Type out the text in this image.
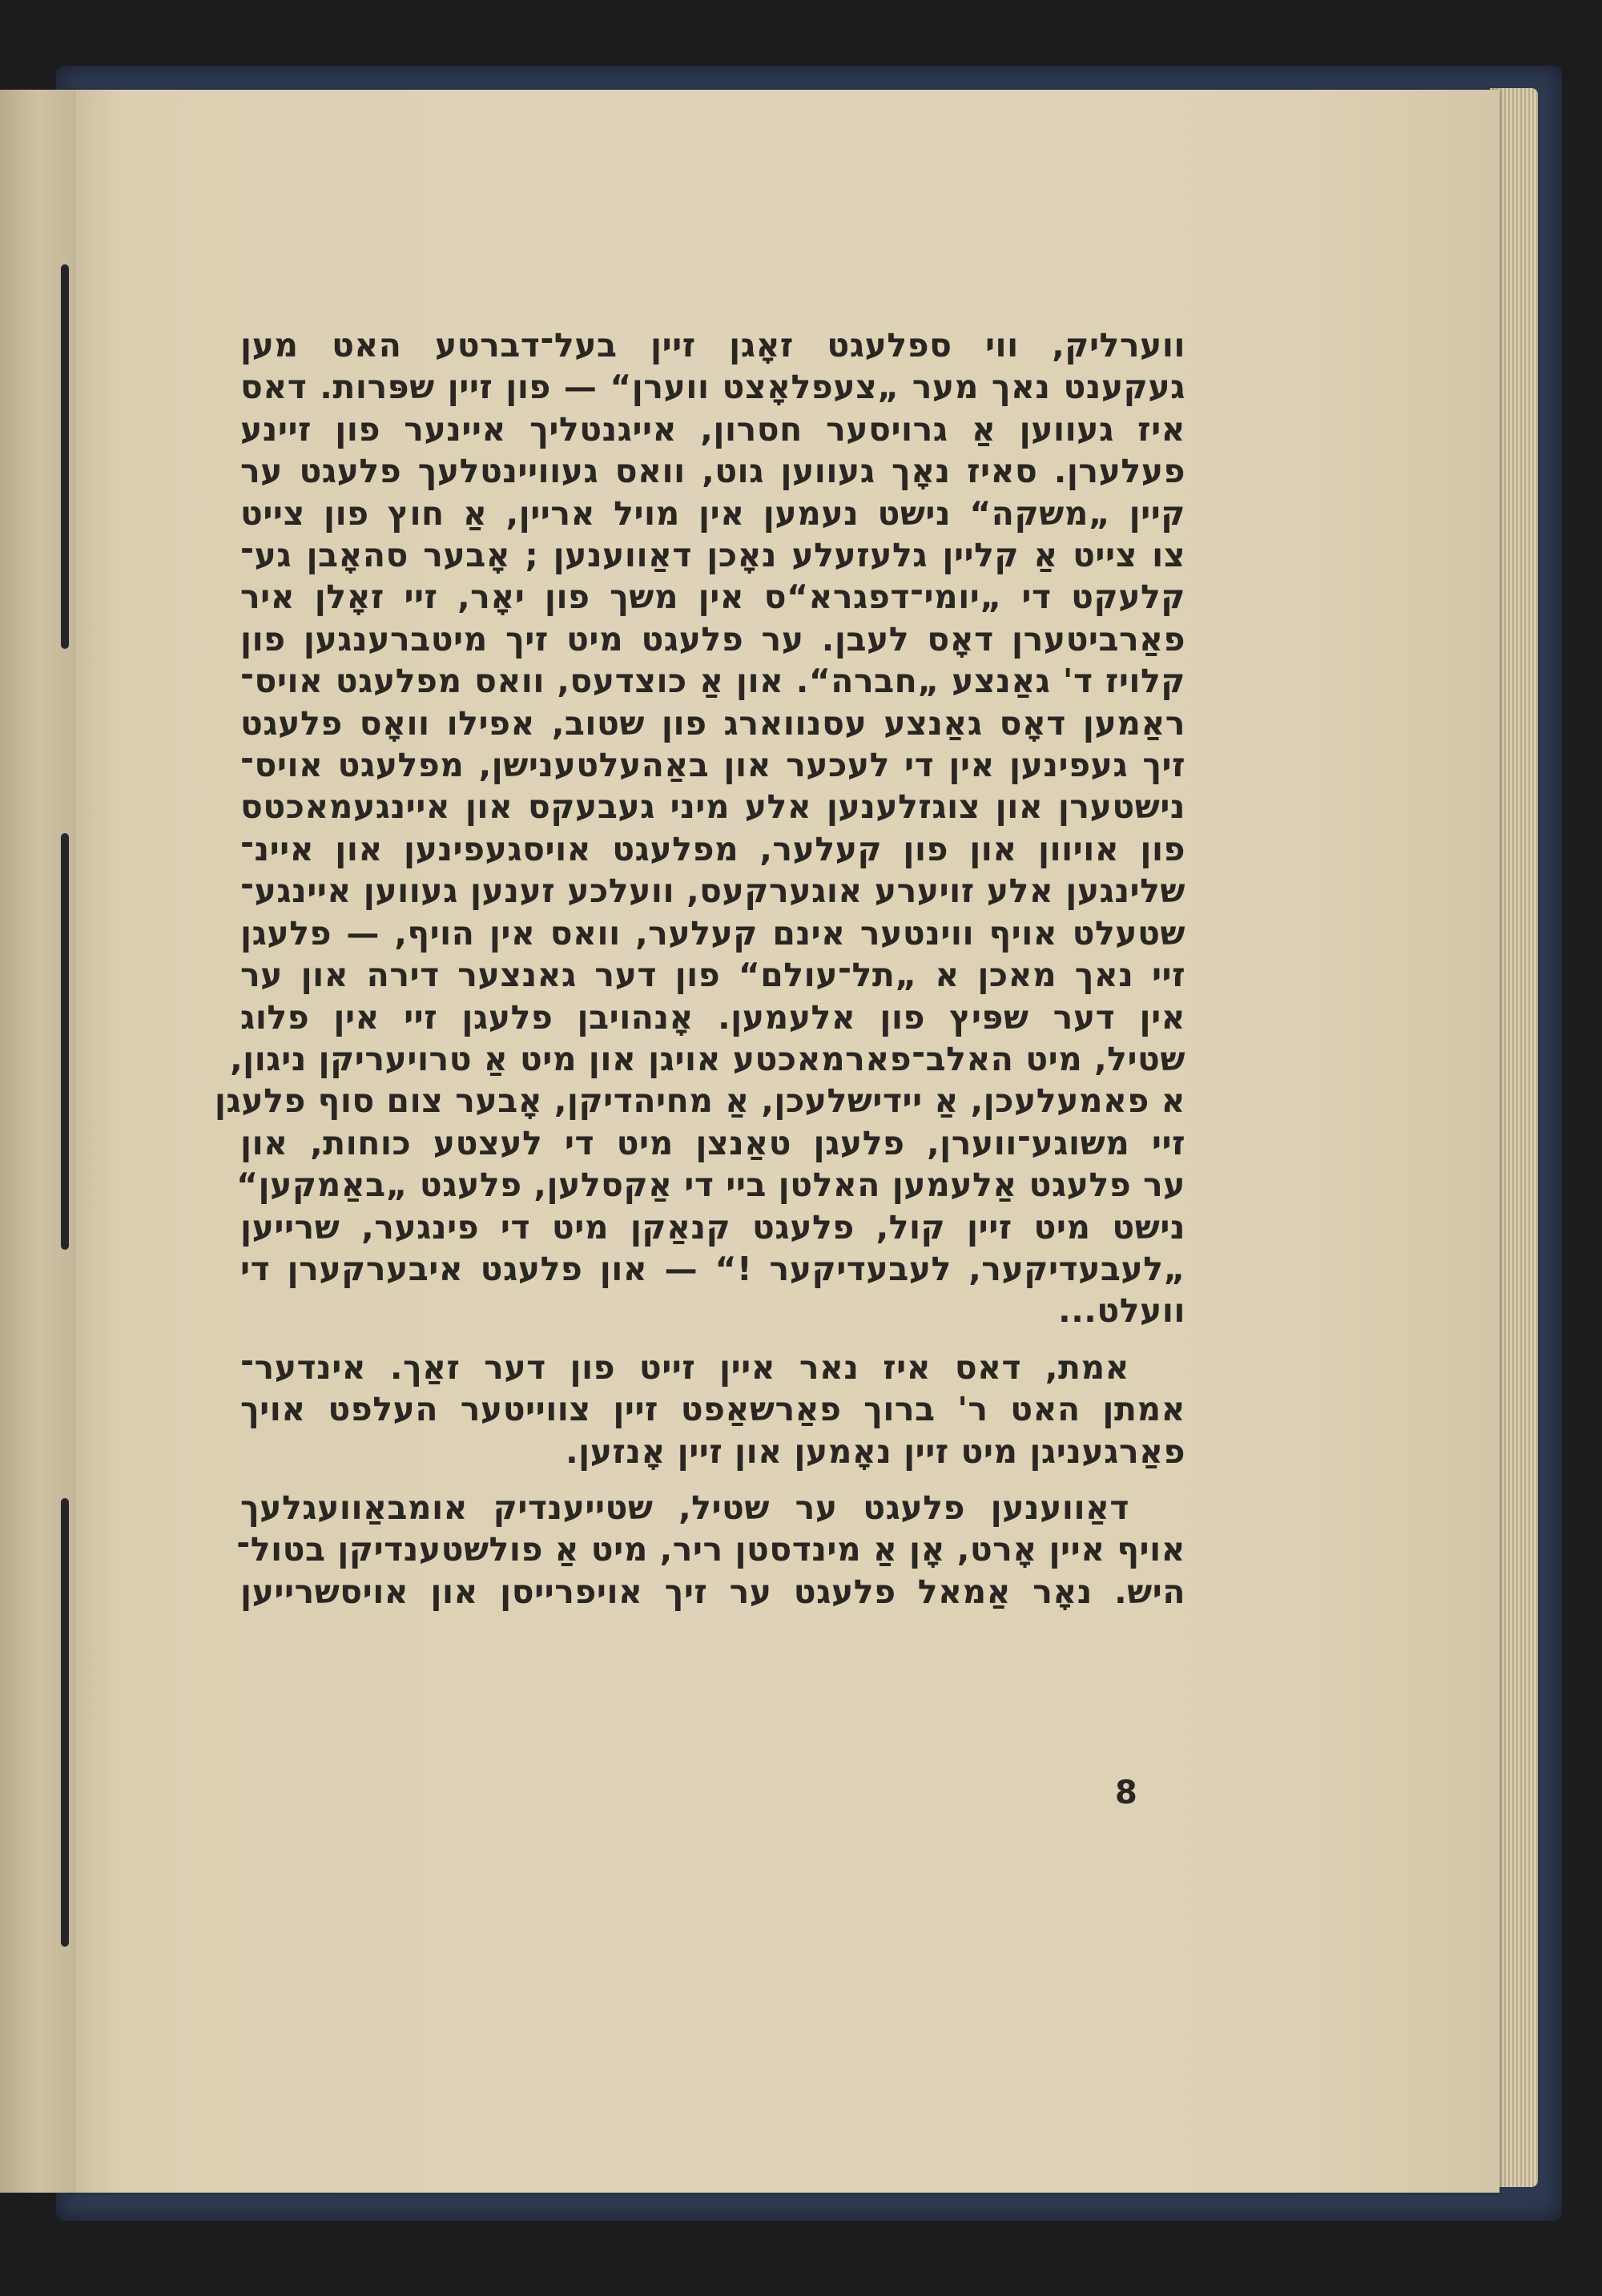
ווערליק, ווי ספלעגט זאָגן זיין בעל־דברטע האט מען
געקענט נאך מער „צעפלאָצט ווערן“ — פון זיין שפּרות. דאס
איז געווען אַ גרויסער חסרון, אייגנטליך איינער פון זיינע
פעלערן. סאיז נאָך געווען גוט, וואס געוויינטלעך פלעגט ער
קיין „משקה“ נישט נעמען אין מויל אריין, אַ חוץ פון צייט
צו צייט אַ קליין גלעזעלע נאָכן דאַווענען ; אָבער סהאָבן גע־
קלעקט די „יומי־דפגרא“ס אין משך פון יאָר, זיי זאָלן איר
פאַרביטערן דאָס לעבן. ער פלעגט מיט זיך מיטברענגען פון
קלויז ד' גאַנצע „חברה“. און אַ כוצדעס, וואס מפלעגט אויס־
ראַמען דאָס גאַנצע עסנווארג פון שטוב, אפילו וואָס פלעגט
זיך געפינען אין די לעכער און באַהעלטענישן, מפלעגט אויס־
נישטערן און צוגזלענען אלע מיני געבעקס און איינגעמאכטס
פון אויוון און פון קעלער, מפלעגט אויסגעפינען און איינ־
שלינגען אלע זויערע אוגערקעס, וועלכע זענען געווען איינגע־
שטעלט אויף ווינטער אינם קעלער, וואס אין הויף, — פלעגן
זיי נאך מאכן א „תל־עולם“ פון דער גאנצער דירה און ער
אין דער שפּיץ פון אלעמען. אָנהויבן פלעגן זיי אין פלוג
שטיל, מיט האלב־פארמאכטע אויגן און מיט אַ טרויעריקן ניגון,
א פאמעלעכן, אַ יידישלעכן, אַ מחיהדיקן, אָבער צום סוף פלעגן
זיי משוגע־ווערן, פלעגן טאַנצן מיט די לעצטע כוחות, און
ער פלעגט אַלעמען האלטן ביי די אַקסלען, פלעגט „באַמקען“
נישט מיט זיין קול, פלעגט קנאַקן מיט די פינגער, שרייען
„לעבעדיקער, לעבעדיקער !“ — און פלעגט איבערקערן די
וועלט...
אמת, דאס איז נאר איין זייט פון דער זאַך. אינדער־
אמתן האט ר' ברוך פאַרשאַפט זיין צווייטער העלפט אויך
פאַרגעניגן מיט זיין נאָמען און זיין אָנזען.
דאַווענען פלעגט ער שטיל, שטייענדיק אומבאַוועגלעך
אויף איין אָרט, אָן אַ מינדסטן ריר, מיט אַ פולשטענדיקן בטול־
היש. נאָר אַמאל פלעגט ער זיך אויפרייסן און אויסשרייען
8
